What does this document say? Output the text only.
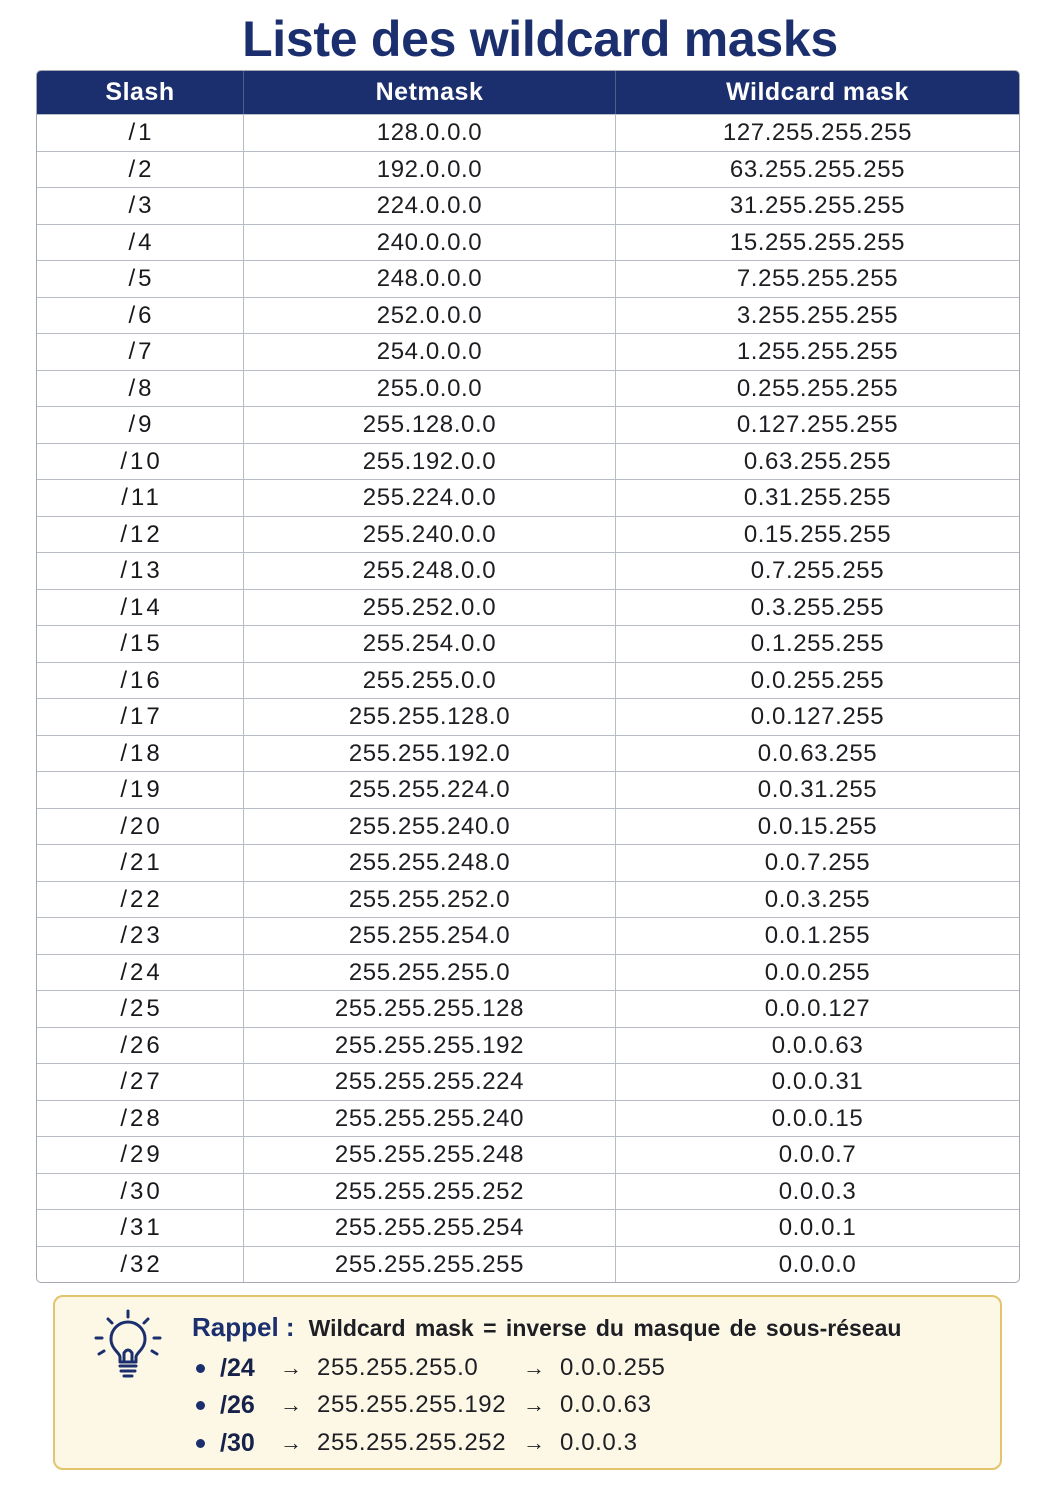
Liste des wildcard masks
Slash	Netmask	Wildcard mask
/1	128.0.0.0	127.255.255.255
/2	192.0.0.0	63.255.255.255
/3	224.0.0.0	31.255.255.255
/4	240.0.0.0	15.255.255.255
/5	248.0.0.0	7.255.255.255
/6	252.0.0.0	3.255.255.255
/7	254.0.0.0	1.255.255.255
/8	255.0.0.0	0.255.255.255
/9	255.128.0.0	0.127.255.255
/10	255.192.0.0	0.63.255.255
/11	255.224.0.0	0.31.255.255
/12	255.240.0.0	0.15.255.255
/13	255.248.0.0	0.7.255.255
/14	255.252.0.0	0.3.255.255
/15	255.254.0.0	0.1.255.255
/16	255.255.0.0	0.0.255.255
/17	255.255.128.0	0.0.127.255
/18	255.255.192.0	0.0.63.255
/19	255.255.224.0	0.0.31.255
/20	255.255.240.0	0.0.15.255
/21	255.255.248.0	0.0.7.255
/22	255.255.252.0	0.0.3.255
/23	255.255.254.0	0.0.1.255
/24	255.255.255.0	0.0.0.255
/25	255.255.255.128	0.0.0.127
/26	255.255.255.192	0.0.0.63
/27	255.255.255.224	0.0.0.31
/28	255.255.255.240	0.0.0.15
/29	255.255.255.248	0.0.0.7
/30	255.255.255.252	0.0.0.3
/31	255.255.255.254	0.0.0.1
/32	255.255.255.255	0.0.0.0
Rappel : Wildcard mask = inverse du masque de sous-réseau
/24	→ 255.255.255.0	→ 0.0.0.255
/26	→ 255.255.255.192 → 0.0.0.63
/30	→ 255.255.255.252 → 0.0.0.3
